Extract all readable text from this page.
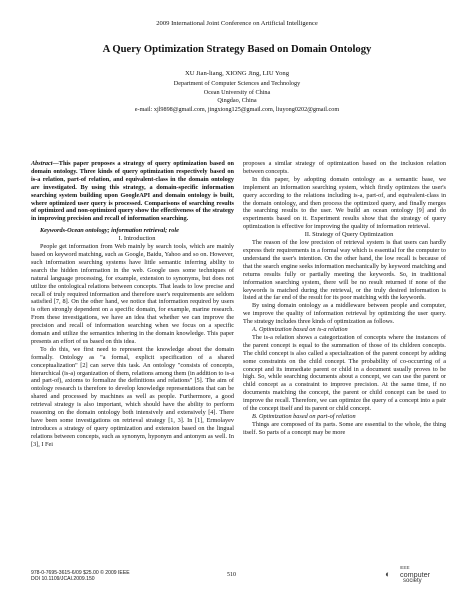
2009 International Joint Conference on Artificial Intelligence
A Query Optimization Strategy Based on Domain Ontology
XU Jian-liang, XIONG Jing, LIU Yong
Department of Computer Sciences and Technology
Ocean University of China
Qingdao, China
e-mail: xjl9898@gmail.com, jingxiong125@gmail.com, liuyong0202@gmail.com

Abstract—This paper proposes a strategy of query optimization based on domain ontology. Three kinds of query optimization respectively based on is-a relation, part-of relation, and equivalent-class in the domain ontology are investigated. By using this strategy, a domain-specific information searching system building upon GoogleAPI and domain ontology is built, where optimized user query is processed. Comparisons of searching results of optimized and non-optimized query show the effectiveness of the strategy in improving precision and recall of information searching.

Keywords-Ocean ontology; information retrieval; role

I. Introduction

People get information from Web mainly by search tools, which are mainly based on keyword matching, such as Google, Baidu, Yahoo and so on. However, such information searching systems have little semantic inferring ability to search the hidden information in the web. Google uses some techniques of natural language processing, for example, extension to synonyms, but does not utilize the ontological relations between concepts. That leads to low precise and recall of truly required information and therefore user's requirements are seldom satisfied [7, 8]. On the other hand, we notice that information required by users is often strongly dependent on a specific domain, for example, marine research. From these investigations, we have an idea that whether we can improve the precision and recall of information searching when we focus on a specific domain and utilize the semantics inhering in the domain knowledge. This paper presents an effort of us based on this idea.

To do this, we first need to represent the knowledge about the domain formally. Ontology as "a formal, explicit specification of a shared conceptualization" [2] can serve this task. An ontology "consists of concepts, hierarchical (is-a) organization of them, relations among them (in addition to is-a and part-of), axioms to formalize the definitions and relations" [5]. The aim of ontology research is therefore to develop knowledge representations that can be shared and processed by machines as well as people. Furthermore, a good retrieval strategy is also important, which should have the ability to perform reasoning on the domain ontology both intensively and extensively [4]. There have been some investigations on retrieval strategy [1, 3]. In [1], Ermolayev introduces a strategy of query optimization and extension based on the lingual relations between concepts, such as synonym, hyponym and antonym as well. In [3], I Fei

proposes a similar strategy of optimization based on the inclusion relation between concepts.

In this paper, by adopting domain ontology as a semantic base, we implement an information searching system, which firstly optimizes the user's query according to the relations including is-a, part-of, and equivalent-class in the domain ontology, and then process the optimized query, and finally merges the searching results to the user. We build an ocean ontology [9] and do experiments based on it. Experiment results show that the strategy of query optimization is effective for improving the quality of information retrieval.

II. Strategy of Query Optimization

The reason of the low precision of retrieval system is that users can hardly express their requirements in a formal way which is essential for the computer to understand the user's intention. On the other hand, the low recall is because of that the search engine seeks information mechanically by keyword matching and returns results fully or partially meeting the keywords. So, in traditional information searching system, there will be no result returned if none of the keywords is matched during the retrieval, or the truly desired information is listed at the far end of the result for its poor matching with the keywords.

By using domain ontology as a middleware between people and computer, we improve the quality of information retrieval by optimizing the user query. The strategy includes three kinds of optimization as follows.

A. Optimization based on is-a relation

The is-a relation shows a categorization of concepts where the instances of the parent concept is equal to the summation of those of its children concepts. The child concept is also called a specialization of the parent concept by adding some constraints on the child concept. The probability of co-occurring of a concept and its immediate parent or child in a document usually proves to be high. So, while searching documents about a concept, we can use the parent or child concept as a constraint to improve precision. At the same time, if no documents matching the concept, the parent or child concept can be used to improve the recall. Therefore, we can optimize the query of a concept into a pair of the concept itself and its parent or child concept.

B. Optimization based on part-of relation

Things are composed of its parts. Some are essential to the whole, the thing itself. So parts of a concept may be more

978-0-7695-3615-6/09 $25.00 © 2009 IEEE
DOI 10.1109/JCAI.2009.150
510	◐
IEEE
computer
society
